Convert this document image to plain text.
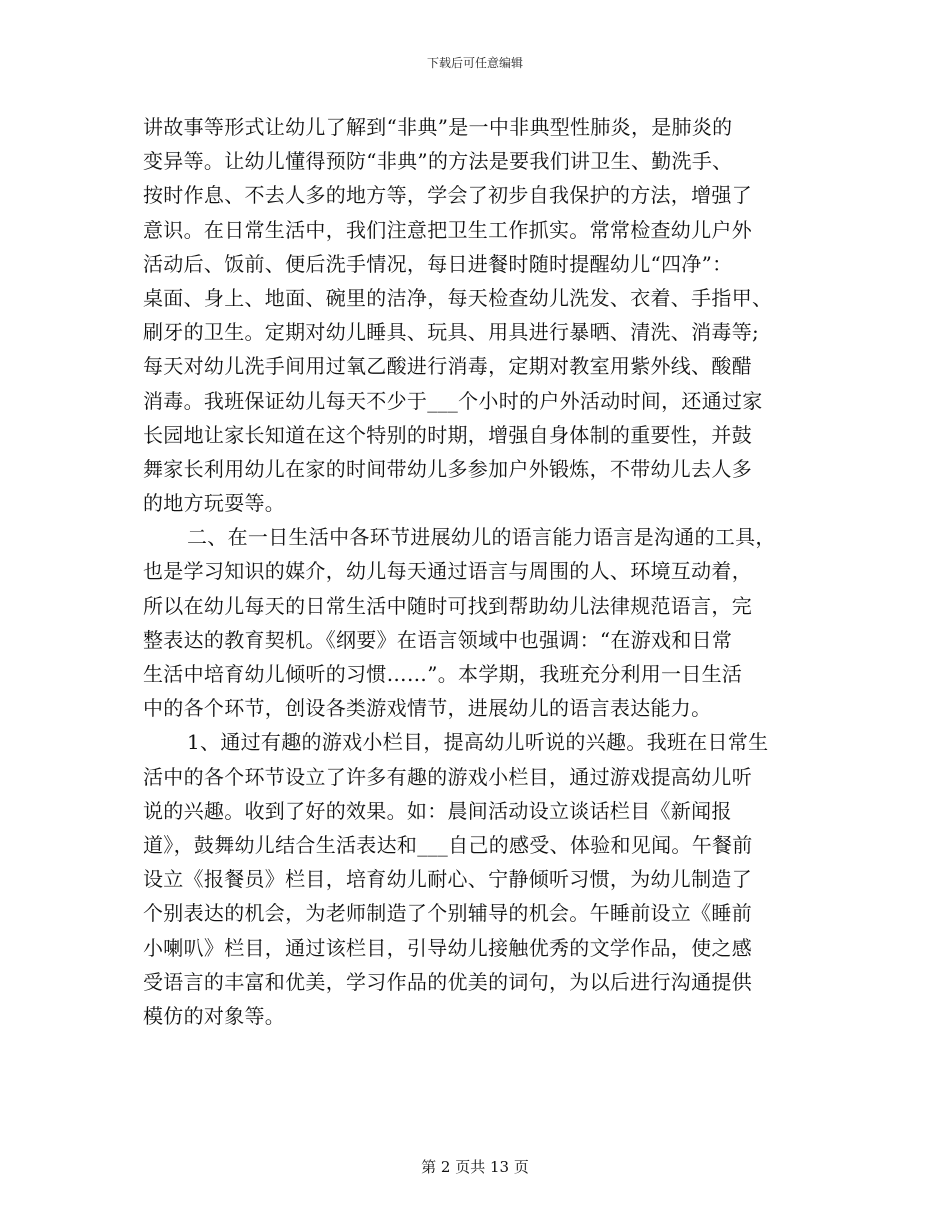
下载后可任意编辑
讲故事等形式让幼儿了解到“非典”是一中非典型性肺炎，是肺炎的
变异等。让幼儿懂得预防“非典”的方法是要我们讲卫生、勤洗手、
按时作息、不去人多的地方等，学会了初步自我保护的方法，增强了
意识。在日常生活中，我们注意把卫生工作抓实。常常检查幼儿户外
活动后、饭前、便后洗手情况，每日进餐时随时提醒幼儿“四净”：
桌面、身上、地面、碗里的洁净，每天检查幼儿洗发、衣着、手指甲、
刷牙的卫生。定期对幼儿睡具、玩具、用具进行暴晒、清洗、消毒等;
每天对幼儿洗手间用过氧乙酸进行消毒，定期对教室用紫外线、酸醋
消毒。我班保证幼儿每天不少于___个小时的户外活动时间，还通过家
长园地让家长知道在这个特别的时期，增强自身体制的重要性，并鼓
舞家长利用幼儿在家的时间带幼儿多参加户外锻炼，不带幼儿去人多
的地方玩耍等。
二、在一日生活中各环节进展幼儿的语言能力语言是沟通的工具，
也是学习知识的媒介，幼儿每天通过语言与周围的人、环境互动着，
所以在幼儿每天的日常生活中随时可找到帮助幼儿法律规范语言，完
整表达的教育契机。《纲要》在语言领域中也强调：“在游戏和日常
生活中培育幼儿倾听的习惯……”。本学期，我班充分利用一日生活
中的各个环节，创设各类游戏情节，进展幼儿的语言表达能力。
1、通过有趣的游戏小栏目，提高幼儿听说的兴趣。我班在日常生
活中的各个环节设立了许多有趣的游戏小栏目，通过游戏提高幼儿听
说的兴趣。收到了好的效果。如：晨间活动设立谈话栏目《新闻报
道》，鼓舞幼儿结合生活表达和___自己的感受、体验和见闻。午餐前
设立《报餐员》栏目，培育幼儿耐心、宁静倾听习惯，为幼儿制造了
个别表达的机会，为老师制造了个别辅导的机会。午睡前设立《睡前
小喇叭》栏目，通过该栏目，引导幼儿接触优秀的文学作品，使之感
受语言的丰富和优美，学习作品的优美的词句，为以后进行沟通提供
模仿的对象等。
第 2 页共 13 页
